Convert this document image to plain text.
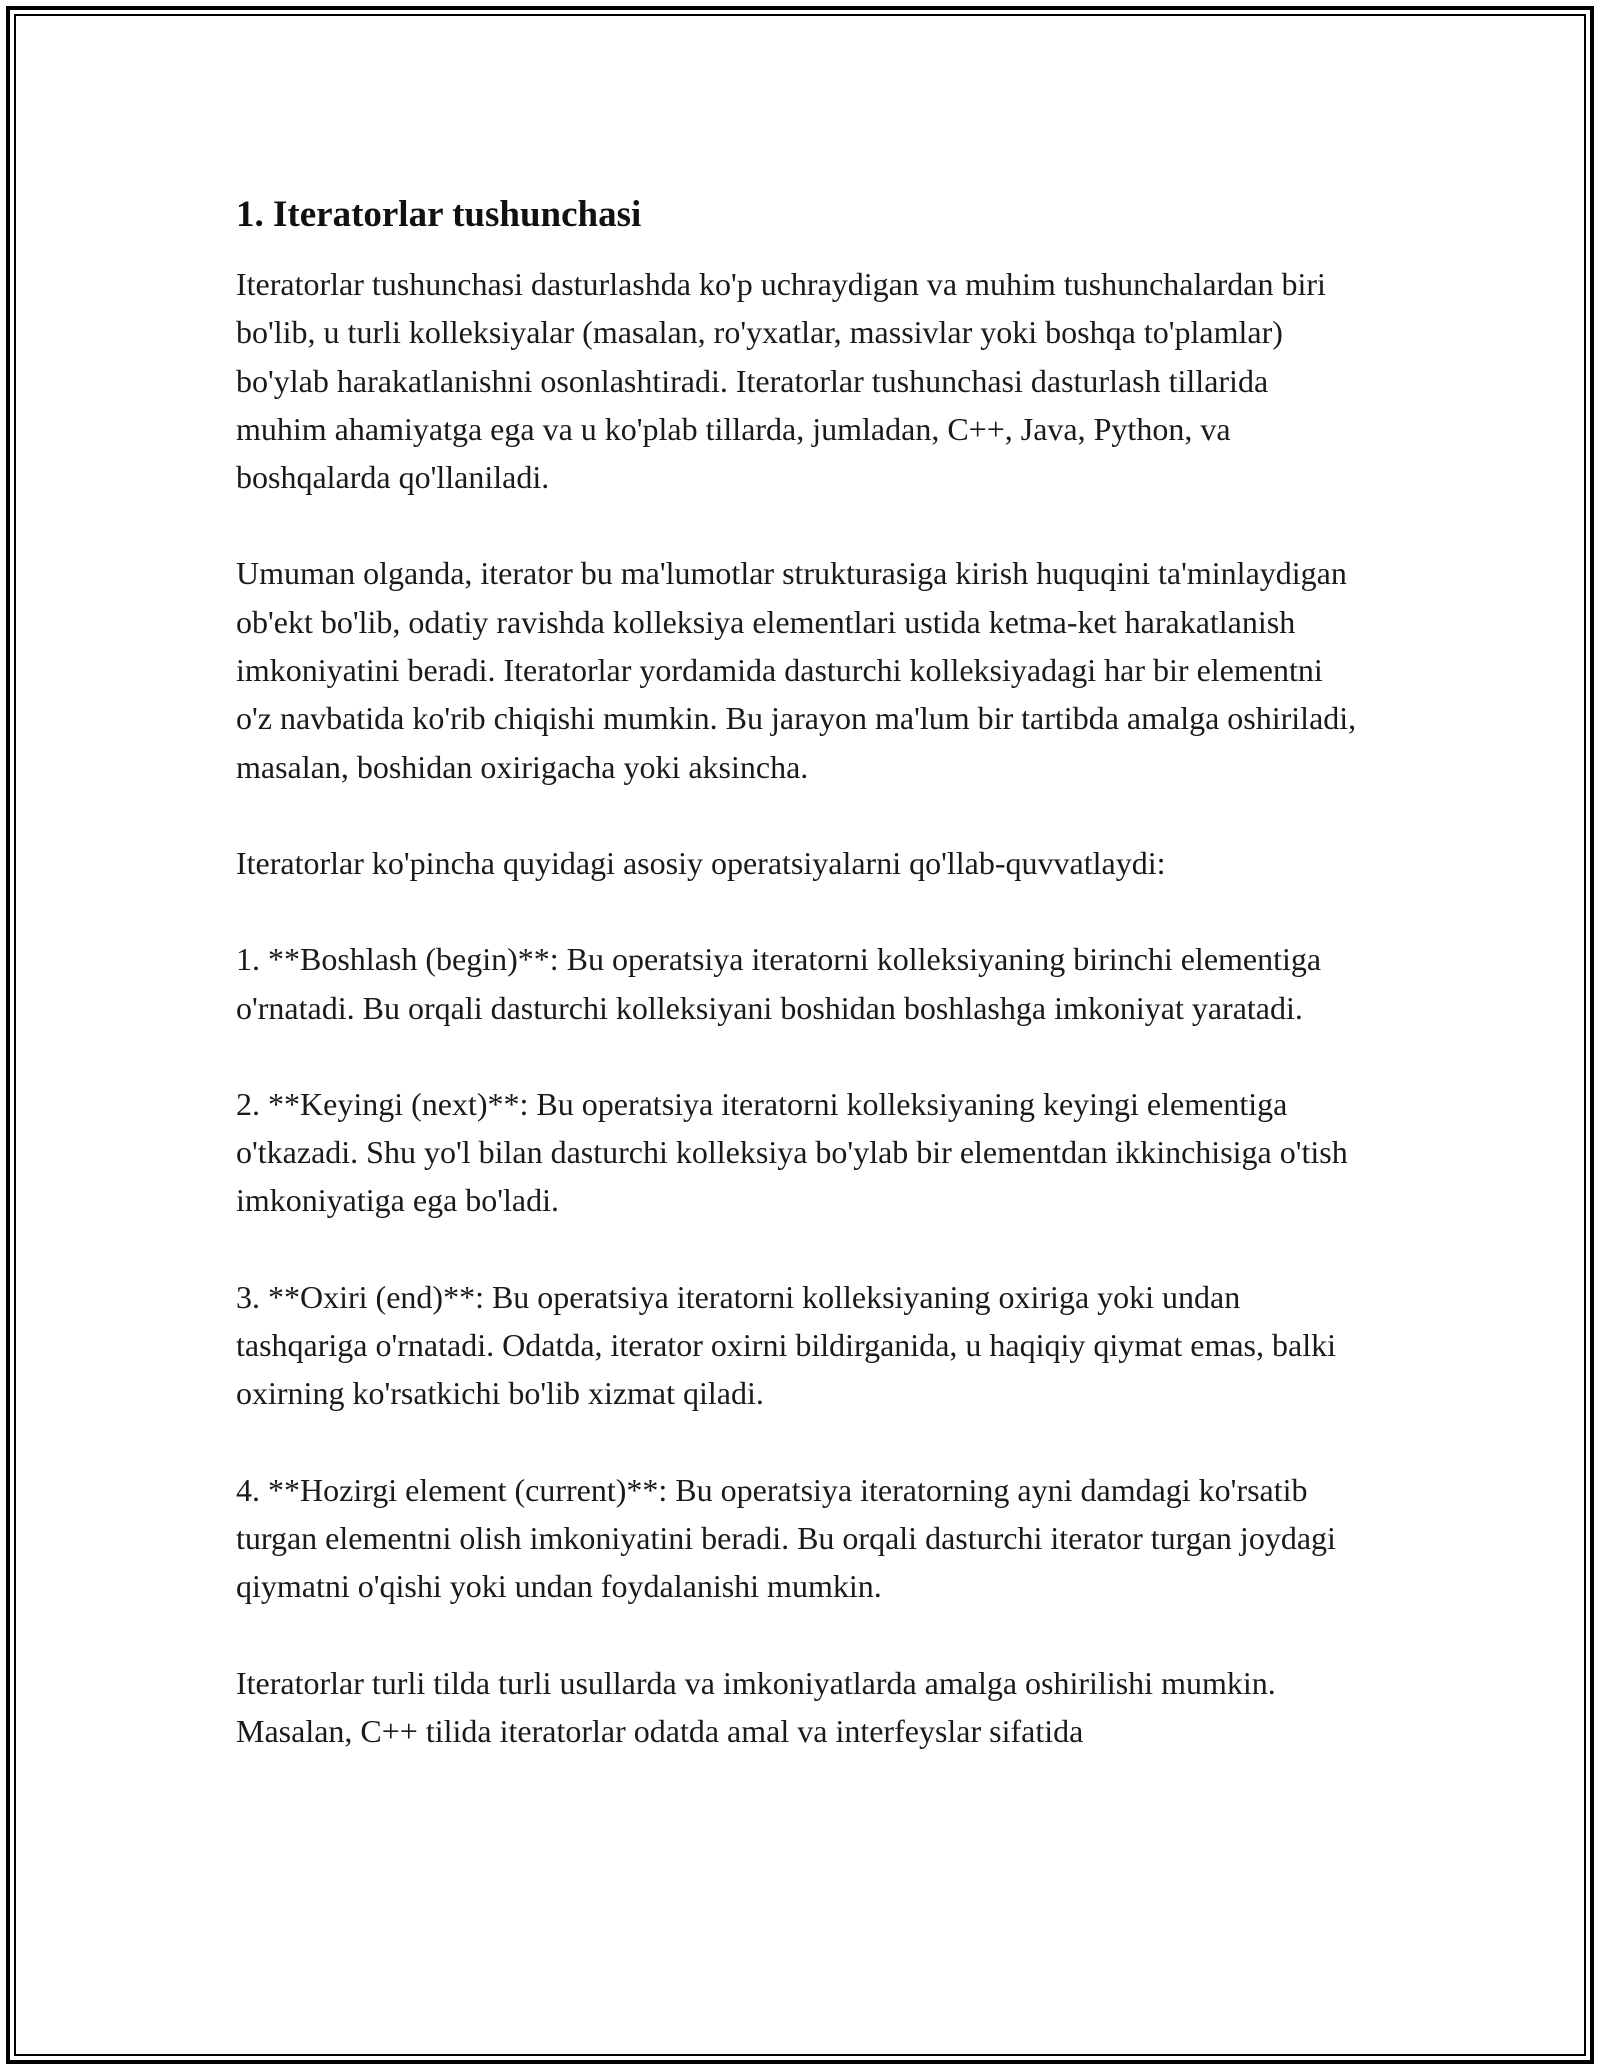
1. Iteratorlar tushunchasi

Iteratorlar tushunchasi dasturlashda ko'p uchraydigan va muhim tushunchalardan biri bo'lib, u turli kolleksiyalar (masalan, ro'yxatlar, massivlar yoki boshqa to'plamlar) bo'ylab harakatlanishni osonlashtiradi. Iteratorlar tushunchasi dasturlash tillarida muhim ahamiyatga ega va u ko'plab tillarda, jumladan, C++, Java, Python, va boshqalarda qo'llaniladi.

Umuman olganda, iterator bu ma'lumotlar strukturasiga kirish huquqini ta'minlaydigan ob'ekt bo'lib, odatiy ravishda kolleksiya elementlari ustida ketma-ket harakatlanish imkoniyatini beradi. Iteratorlar yordamida dasturchi kolleksiyadagi har bir elementni o'z navbatida ko'rib chiqishi mumkin. Bu jarayon ma'lum bir tartibda amalga oshiriladi, masalan, boshidan oxirigacha yoki aksincha.

Iteratorlar ko'pincha quyidagi asosiy operatsiyalarni qo'llab-quvvatlaydi:

1. **Boshlash (begin)**: Bu operatsiya iteratorni kolleksiyaning birinchi elementiga o'rnatadi. Bu orqali dasturchi kolleksiyani boshidan boshlashga imkoniyat yaratadi.

2. **Keyingi (next)**: Bu operatsiya iteratorni kolleksiyaning keyingi elementiga o'tkazadi. Shu yo'l bilan dasturchi kolleksiya bo'ylab bir elementdan ikkinchisiga o'tish imkoniyatiga ega bo'ladi.

3. **Oxiri (end)**: Bu operatsiya iteratorni kolleksiyaning oxiriga yoki undan tashqariga o'rnatadi. Odatda, iterator oxirni bildirganida, u haqiqiy qiymat emas, balki oxirning ko'rsatkichi bo'lib xizmat qiladi.

4. **Hozirgi element (current)**: Bu operatsiya iteratorning ayni damdagi ko'rsatib turgan elementni olish imkoniyatini beradi. Bu orqali dasturchi iterator turgan joydagi qiymatni o'qishi yoki undan foydalanishi mumkin.

Iteratorlar turli tilda turli usullarda va imkoniyatlarda amalga oshirilishi mumkin. Masalan, C++ tilida iteratorlar odatda amal va interfeyslar sifatida
